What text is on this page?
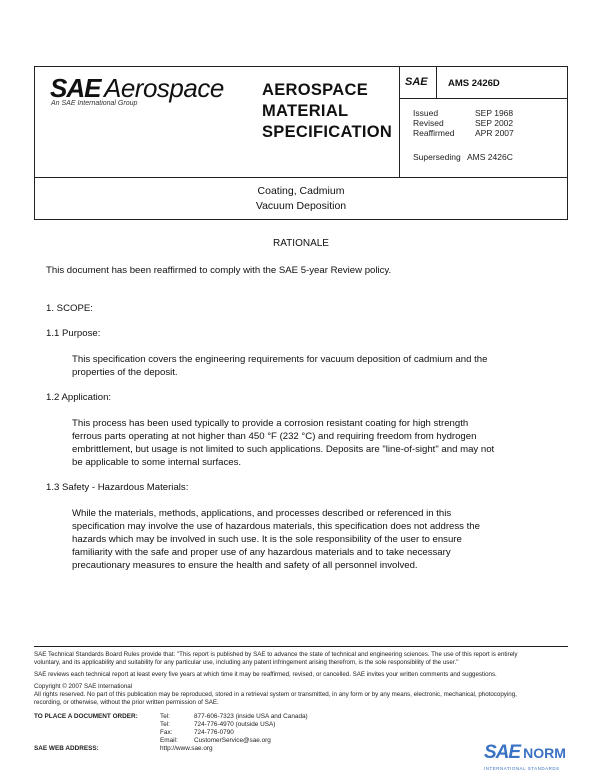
SAE Aerospace
An SAE International Group
AEROSPACE
MATERIAL
SPECIFICATION
SAE AMS 2426D
Issued	SEP 1968
Revised	SEP 2002
Reaffirmed APR 2007
Superseding AMS 2426C
Coating, Cadmium
Vacuum Deposition
RATIONALE
This document has been reaffirmed to comply with the SAE 5-year Review policy.
1. SCOPE:
1.1 Purpose:
This specification covers the engineering requirements for vacuum deposition of cadmium and the
properties of the deposit.
1.2 Application:
This process has been used typically to provide a corrosion resistant coating for high strength
ferrous parts operating at not higher than 450 °F (232 °C) and requiring freedom from hydrogen
embrittlement, but usage is not limited to such applications. Deposits are "line-of-sight" and may not
be applicable to some internal surfaces.
1.3 Safety - Hazardous Materials:
While the materials, methods, applications, and processes described or referenced in this
specification may involve the use of hazardous materials, this specification does not address the
hazards which may be involved in such use. It is the sole responsibility of the user to ensure
familiarity with the safe and proper use of any hazardous materials and to take necessary
precautionary measures to ensure the health and safety of all personnel involved.
SAE Technical Standards Board Rules provide that: "This report is published by SAE to advance the state of technical and engineering sciences. The use of this report is entirely
voluntary, and its applicability and suitability for any particular use, including any patent infringement arising therefrom, is the sole responsibility of the user."
SAE reviews each technical report at least every five years at which time it may be reaffirmed, revised, or cancelled. SAE invites your written comments and suggestions.
Copyright © 2007 SAE International
All rights reserved. No part of this publication may be reproduced, stored in a retrieval system or transmitted, in any form or by any means, electronic, mechanical, photocopying,
recording, or otherwise, without the prior written permission of SAE.
TO PLACE A DOCUMENT ORDER:	Tel:	877-606-7323 (inside USA and Canada)
Tel:	724-776-4970 (outside USA)
Fax:	724-776-0790
Email:	CustomerService@sae.org
SAE WEB ADDRESS:	http://www.sae.org	SAE NORM
INTERNATIONAL STANDARDS
